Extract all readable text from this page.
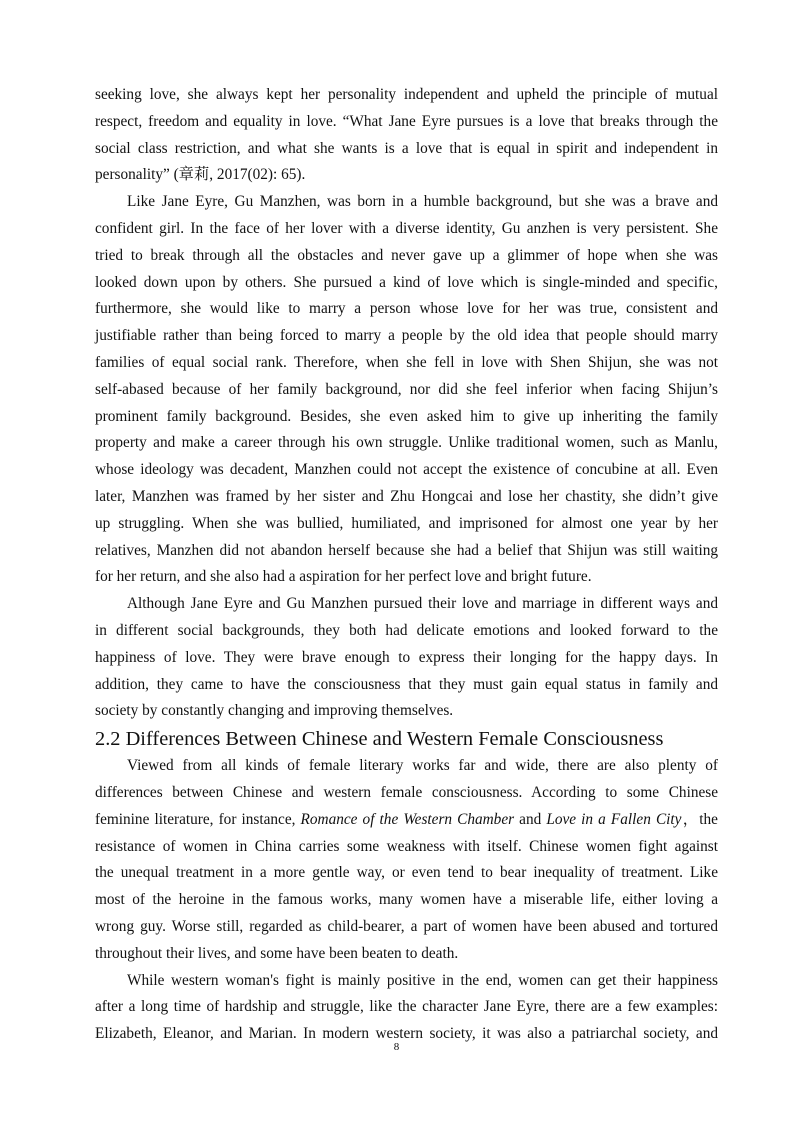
seeking love, she always kept her personality independent and upheld the principle of mutual
respect, freedom and equality in love. “What Jane Eyre pursues is a love that breaks through the
social class restriction, and what she wants is a love that is equal in spirit and independent in
personality” (章莉, 2017(02): 65).
Like Jane Eyre, Gu Manzhen, was born in a humble background, but she was a brave and
confident girl. In the face of her lover with a diverse identity, Gu anzhen is very persistent. She
tried to break through all the obstacles and never gave up a glimmer of hope when she was
looked down upon by others. She pursued a kind of love which is single-minded and specific,
furthermore, she would like to marry a person whose love for her was true, consistent and
justifiable rather than being forced to marry a people by the old idea that people should marry
families of equal social rank. Therefore, when she fell in love with Shen Shijun, she was not
self-abased because of her family background, nor did she feel inferior when facing Shijun’s
prominent family background. Besides, she even asked him to give up inheriting the family
property and make a career through his own struggle. Unlike traditional women, such as Manlu,
whose ideology was decadent, Manzhen could not accept the existence of concubine at all. Even
later, Manzhen was framed by her sister and Zhu Hongcai and lose her chastity, she didn’t give
up struggling. When she was bullied, humiliated, and imprisoned for almost one year by her
relatives, Manzhen did not abandon herself because she had a belief that Shijun was still waiting
for her return, and she also had a aspiration for her perfect love and bright future.
Although Jane Eyre and Gu Manzhen pursued their love and marriage in different ways and
in different social backgrounds, they both had delicate emotions and looked forward to the
happiness of love. They were brave enough to express their longing for the happy days. In
addition, they came to have the consciousness that they must gain equal status in family and
society by constantly changing and improving themselves.
2.2 Differences Between Chinese and Western Female Consciousness
Viewed from all kinds of female literary works far and wide, there are also plenty of
differences between Chinese and western female consciousness. According to some Chinese
feminine literature, for instance, Romance of the Western Chamber and Love in a Fallen City，the
resistance of women in China carries some weakness with itself. Chinese women fight against
the unequal treatment in a more gentle way, or even tend to bear inequality of treatment. Like
most of the heroine in the famous works, many women have a miserable life, either loving a
wrong guy. Worse still, regarded as child-bearer, a part of women have been abused and tortured
throughout their lives, and some have been beaten to death.
While western woman's fight is mainly positive in the end, women can get their happiness
after a long time of hardship and struggle, like the character Jane Eyre, there are a few examples:
Elizabeth, Eleanor, and Marian. In modern western society, it was also a patriarchal society, and
8
